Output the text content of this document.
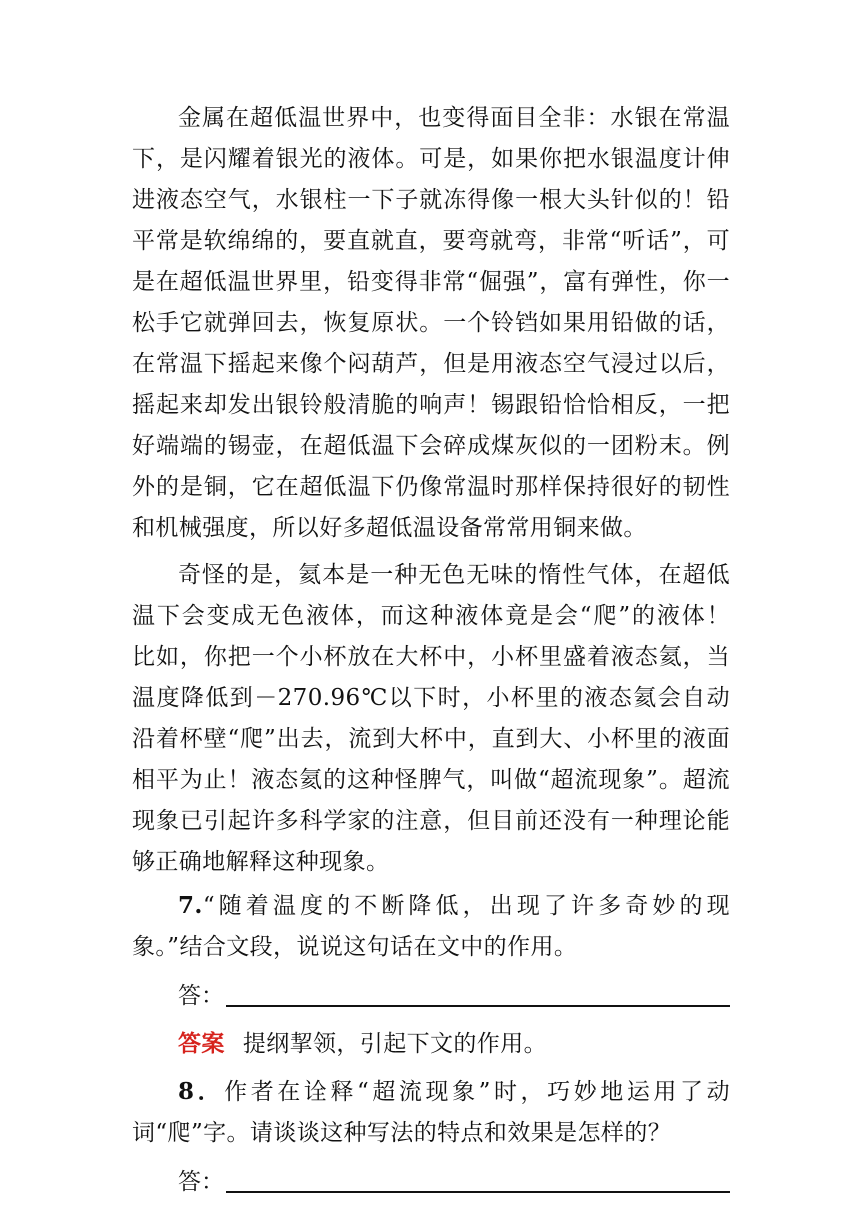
金属在超低温世界中，也变得面目全非：水银在常温下，是闪耀着银光的液体。可是，如果你把水银温度计伸进液态空气，水银柱一下子就冻得像一根大头针似的！铅平常是软绵绵的，要直就直，要弯就弯，非常“听话”，可是在超低温世界里，铅变得非常“倔强”，富有弹性，你一松手它就弹回去，恢复原状。一个铃铛如果用铅做的话，在常温下摇起来像个闷葫芦，但是用液态空气浸过以后，摇起来却发出银铃般清脆的响声！锡跟铅恰恰相反，一把好端端的锡壶，在超低温下会碎成煤灰似的一团粉末。例外的是铜，它在超低温下仍像常温时那样保持很好的韧性和机械强度，所以好多超低温设备常常用铜来做。

奇怪的是，氦本是一种无色无味的惰性气体，在超低温下会变成无色液体，而这种液体竟是会“爬”的液体！　比如，你把一个小杯放在大杯中，小杯里盛着液态氦，当温度降低到－270.96℃以下时，小杯里的液态氦会自动沿着杯壁“爬”出去，流到大杯中，直到大、小杯里的液面相平为止！液态氦的这种怪脾气，叫做“超流现象”。超流现象已引起许多科学家的注意，但目前还没有一种理论能够正确地解释这种现象。

7.“随着温度的不断降低，出现了许多奇妙的现象。”结合文段，说说这句话在文中的作用。

答：
答案 提纲挈领，引起下文的作用。

8．作者在诠释“超流现象”时，巧妙地运用了动词“爬”字。请谈谈这种写法的特点和效果是怎样的？

答：
